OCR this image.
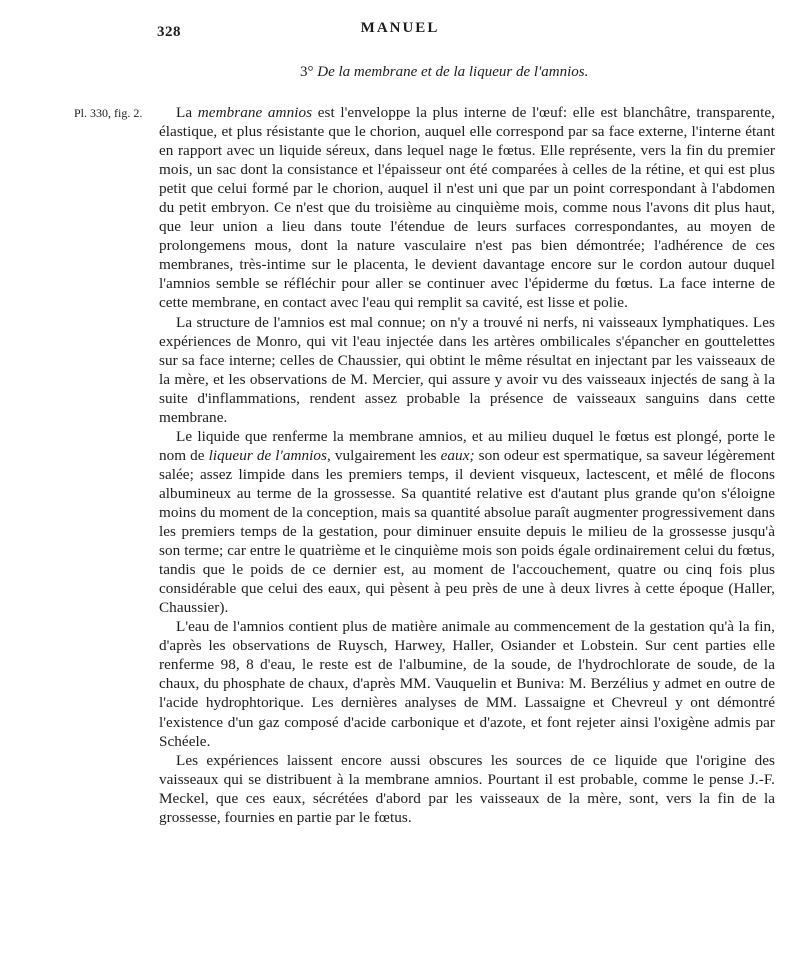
328	MANUEL
3° De la membrane et de la liqueur de l'amnios.
Pl. 330, fig. 2.	La membrane amnios est l'enveloppe la plus interne de l'œuf: elle est blanchâtre, transparente, élastique, et plus résistante que le chorion, auquel elle correspond par sa face externe, l'interne étant en rapport avec un liquide séreux, dans lequel nage le fœtus. Elle représente, vers la fin du premier mois, un sac dont la consistance et l'épaisseur ont été comparées à celles de la rétine, et qui est plus petit que celui formé par le chorion, auquel il n'est uni que par un point correspondant à l'abdomen du petit embryon. Ce n'est que du troisième au cinquième mois, comme nous l'avons dit plus haut, que leur union a lieu dans toute l'étendue de leurs surfaces correspondantes, au moyen de prolongemens mous, dont la nature vasculaire n'est pas bien démontrée; l'adhérence de ces membranes, très-intime sur le placenta, le devient davantage encore sur le cordon autour duquel l'amnios semble se réfléchir pour aller se continuer avec l'épiderme du fœtus. La face interne de cette membrane, en contact avec l'eau qui remplit sa cavité, est lisse et polie.

La structure de l'amnios est mal connue; on n'y a trouvé ni nerfs, ni vaisseaux lymphatiques. Les expériences de Monro, qui vit l'eau injectée dans les artères ombilicales s'épancher en gouttelettes sur sa face interne; celles de Chaussier, qui obtint le même résultat en injectant par les vaisseaux de la mère, et les observations de M. Mercier, qui assure y avoir vu des vaisseaux injectés de sang à la suite d'inflammations, rendent assez probable la présence de vaisseaux sanguins dans cette membrane.

Le liquide que renferme la membrane amnios, et au milieu duquel le fœtus est plongé, porte le nom de liqueur de l'amnios, vulgairement les eaux; son odeur est spermatique, sa saveur légèrement salée; assez limpide dans les premiers temps, il devient visqueux, lactescent, et mêlé de flocons albumineux au terme de la grossesse. Sa quantité relative est d'autant plus grande qu'on s'éloigne moins du moment de la conception, mais sa quantité absolue paraît augmenter progressivement dans les premiers temps de la gestation, pour diminuer ensuite depuis le milieu de la grossesse jusqu'à son terme; car entre le quatrième et le cinquième mois son poids égale ordinairement celui du fœtus, tandis que le poids de ce dernier est, au moment de l'accouchement, quatre ou cinq fois plus considérable que celui des eaux, qui pèsent à peu près de une à deux livres à cette époque (Haller, Chaussier).

L'eau de l'amnios contient plus de matière animale au commencement de la gestation qu'à la fin, d'après les observations de Ruysch, Harwey, Haller, Osiander et Lobstein. Sur cent parties elle renferme 98, 8 d'eau, le reste est de l'albumine, de la soude, de l'hydrochlorate de soude, de la chaux, du phosphate de chaux, d'après MM. Vauquelin et Buniva: M. Berzélius y admet en outre de l'acide hydrophtorique. Les dernières analyses de MM. Lassaigne et Chevreul y ont démontré l'existence d'un gaz composé d'acide carbonique et d'azote, et font rejeter ainsi l'oxigène admis par Schéele.

Les expériences laissent encore aussi obscures les sources de ce liquide que l'origine des vaisseaux qui se distribuent à la membrane amnios. Pourtant il est probable, comme le pense J.-F. Meckel, que ces eaux, sécrétées d'abord par les vaisseaux de la mère, sont, vers la fin de la grossesse, fournies en partie par le fœtus.
